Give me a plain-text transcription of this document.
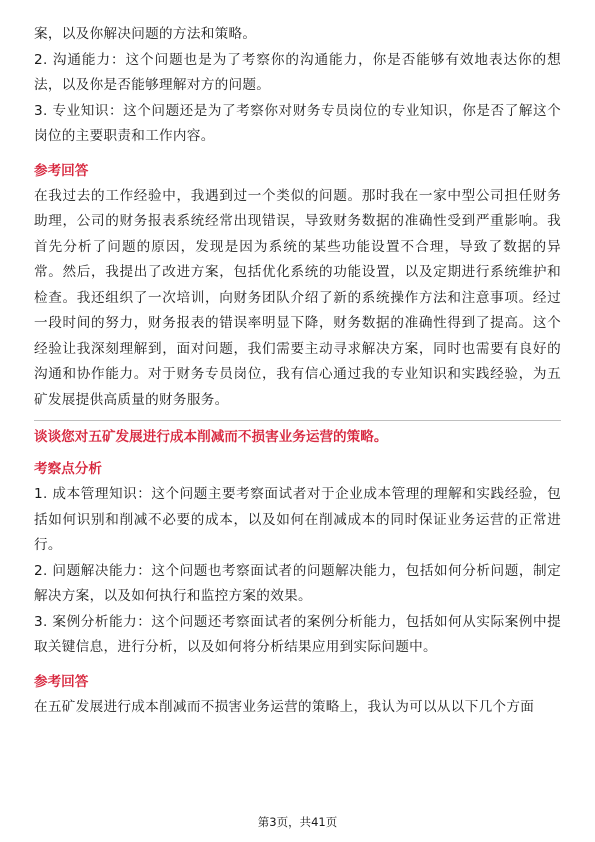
案，以及你解决问题的方法和策略。

2. 沟通能力：这个问题也是为了考察你的沟通能力，你是否能够有效地表达你的想法，以及你是否能够理解对方的问题。

3. 专业知识：这个问题还是为了考察你对财务专员岗位的专业知识，你是否了解这个岗位的主要职责和工作内容。

参考回答

在我过去的工作经验中，我遇到过一个类似的问题。那时我在一家中型公司担任财务助理，公司的财务报表系统经常出现错误，导致财务数据的准确性受到严重影响。我首先分析了问题的原因，发现是因为系统的某些功能设置不合理，导致了数据的异常。然后，我提出了改进方案，包括优化系统的功能设置，以及定期进行系统维护和检查。我还组织了一次培训，向财务团队介绍了新的系统操作方法和注意事项。经过一段时间的努力，财务报表的错误率明显下降，财务数据的准确性得到了提高。这个经验让我深刻理解到，面对问题，我们需要主动寻求解决方案，同时也需要有良好的沟通和协作能力。对于财务专员岗位，我有信心通过我的专业知识和实践经验，为五矿发展提供高质量的财务服务。

谈谈您对五矿发展进行成本削减而不损害业务运营的策略。
考察点分析

1. 成本管理知识：这个问题主要考察面试者对于企业成本管理的理解和实践经验，包括如何识别和削减不必要的成本，以及如何在削减成本的同时保证业务运营的正常进行。

2. 问题解决能力：这个问题也考察面试者的问题解决能力，包括如何分析问题，制定解决方案，以及如何执行和监控方案的效果。

3. 案例分析能力：这个问题还考察面试者的案例分析能力，包括如何从实际案例中提取关键信息，进行分析，以及如何将分析结果应用到实际问题中。

参考回答

在五矿发展进行成本削减而不损害业务运营的策略上，我认为可以从以下几个方面

第3页，共41页
